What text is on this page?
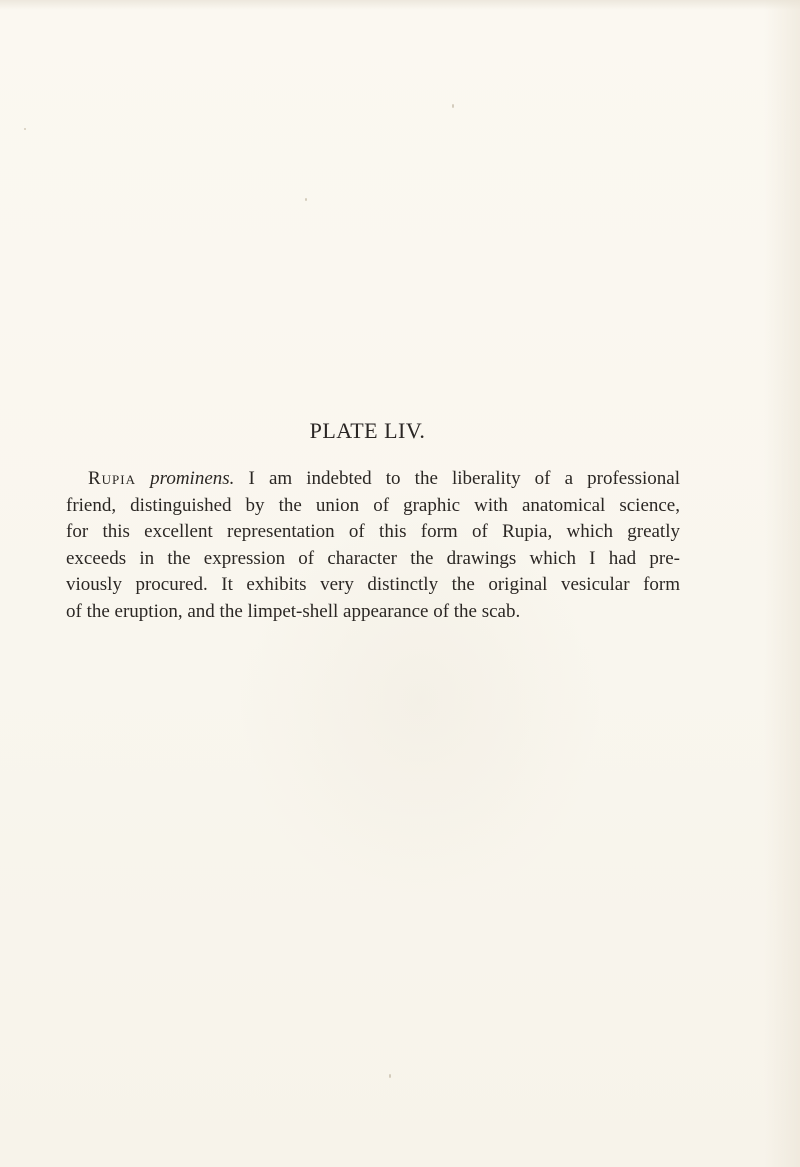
PLATE LIV.
Rupia prominens. I am indebted to the liberality of a professional
friend, distinguished by the union of graphic with anatomical science,
for this excellent representation of this form of Rupia, which greatly
exceeds in the expression of character the drawings which I had pre-
viously procured. It exhibits very distinctly the original vesicular form
of the eruption, and the limpet-shell appearance of the scab.
